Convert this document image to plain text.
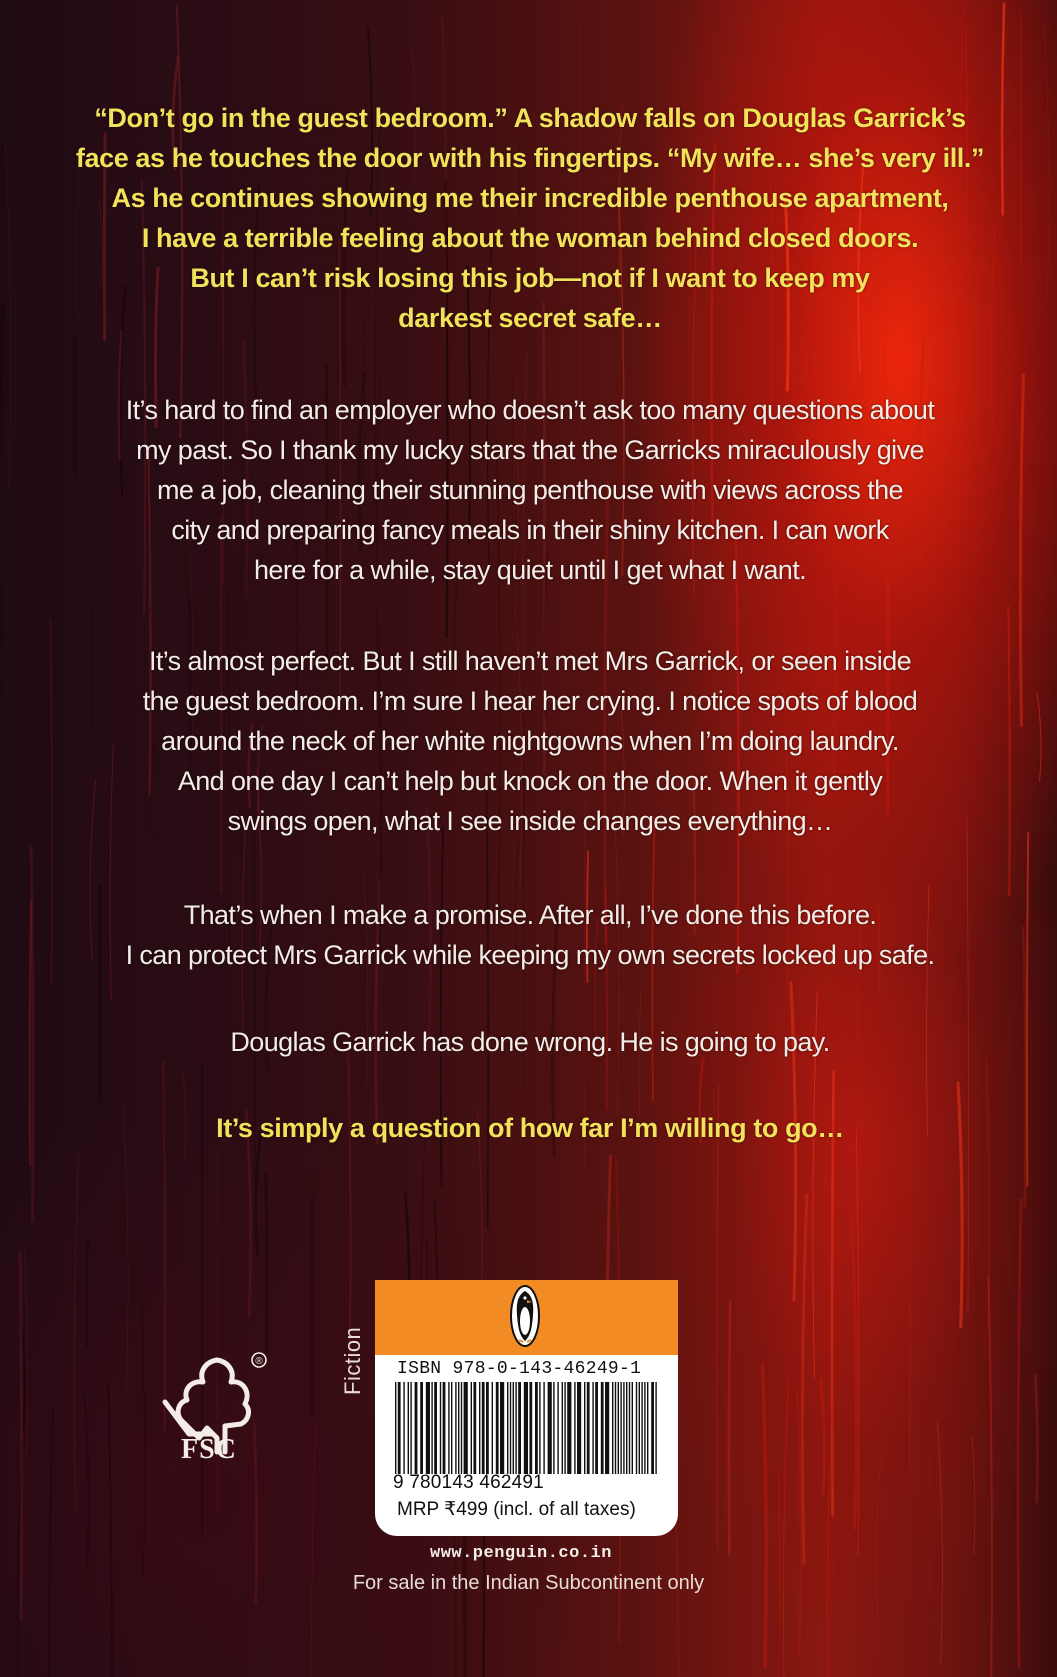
“Don’t go in the guest bedroom.” A shadow falls on Douglas Garrick’s
face as he touches the door with his fingertips. “My wife… she’s very ill.”
As he continues showing me their incredible penthouse apartment,
I have a terrible feeling about the woman behind closed doors.
But I can’t risk losing this job—not if I want to keep my
darkest secret safe…

It’s hard to find an employer who doesn’t ask too many questions about
my past. So I thank my lucky stars that the Garricks miraculously give
me a job, cleaning their stunning penthouse with views across the
city and preparing fancy meals in their shiny kitchen. I can work
here for a while, stay quiet until I get what I want.

It’s almost perfect. But I still haven’t met Mrs Garrick, or seen inside
the guest bedroom. I’m sure I hear her crying. I notice spots of blood
around the neck of her white nightgowns when I’m doing laundry.
And one day I can’t help but knock on the door. When it gently
swings open, what I see inside changes everything…

That’s when I make a promise. After all, I’ve done this before.
I can protect Mrs Garrick while keeping my own secrets locked up safe.

Douglas Garrick has done wrong. He is going to pay.

It’s simply a question of how far I’m willing to go…

®
FSC
Fiction ISBN 978-0-143-46249-1
9 780143 462491
MRP ₹499 (incl. of all taxes)
www.penguin.co.in
For sale in the Indian Subcontinent only
